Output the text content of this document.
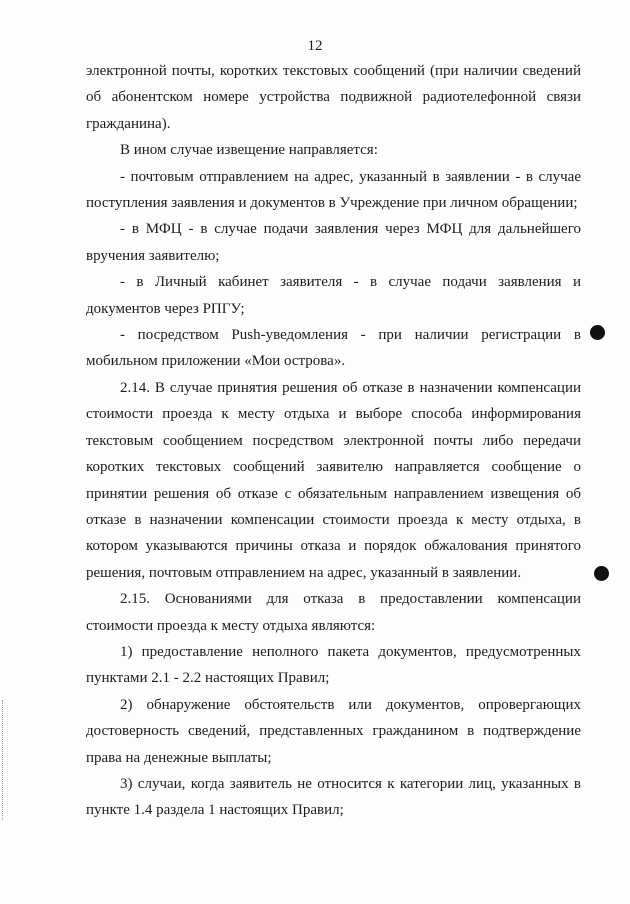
12

электронной почты, коротких текстовых сообщений (при наличии сведений об абонентском номере устройства подвижной радиотелефонной связи гражданина).

В ином случае извещение направляется:

- почтовым отправлением на адрес, указанный в заявлении - в случае поступления заявления и документов в Учреждение при личном обращении;

- в МФЦ - в случае подачи заявления через МФЦ для дальнейшего вручения заявителю;

- в Личный кабинет заявителя - в случае подачи заявления и документов через РПГУ;

- посредством Push-уведомления - при наличии регистрации в мобильном приложении «Мои острова».

2.14. В случае принятия решения об отказе в назначении компенсации стоимости проезда к месту отдыха и выборе способа информирования текстовым сообщением посредством электронной почты либо передачи коротких текстовых сообщений заявителю направляется сообщение о принятии решения об отказе с обязательным направлением извещения об отказе в назначении компенсации стоимости проезда к месту отдыха, в котором указываются причины отказа и порядок обжалования принятого решения, почтовым отправлением на адрес, указанный в заявлении.

2.15. Основаниями для отказа в предоставлении компенсации стоимости проезда к месту отдыха являются:

1) предоставление неполного пакета документов, предусмотренных пунктами 2.1 - 2.2 настоящих Правил;

2) обнаружение обстоятельств или документов, опровергающих достоверность сведений, представленных гражданином в подтверждение права на денежные выплаты;

3) случаи, когда заявитель не относится к категории лиц, указанных в пункте 1.4 раздела 1 настоящих Правил;
